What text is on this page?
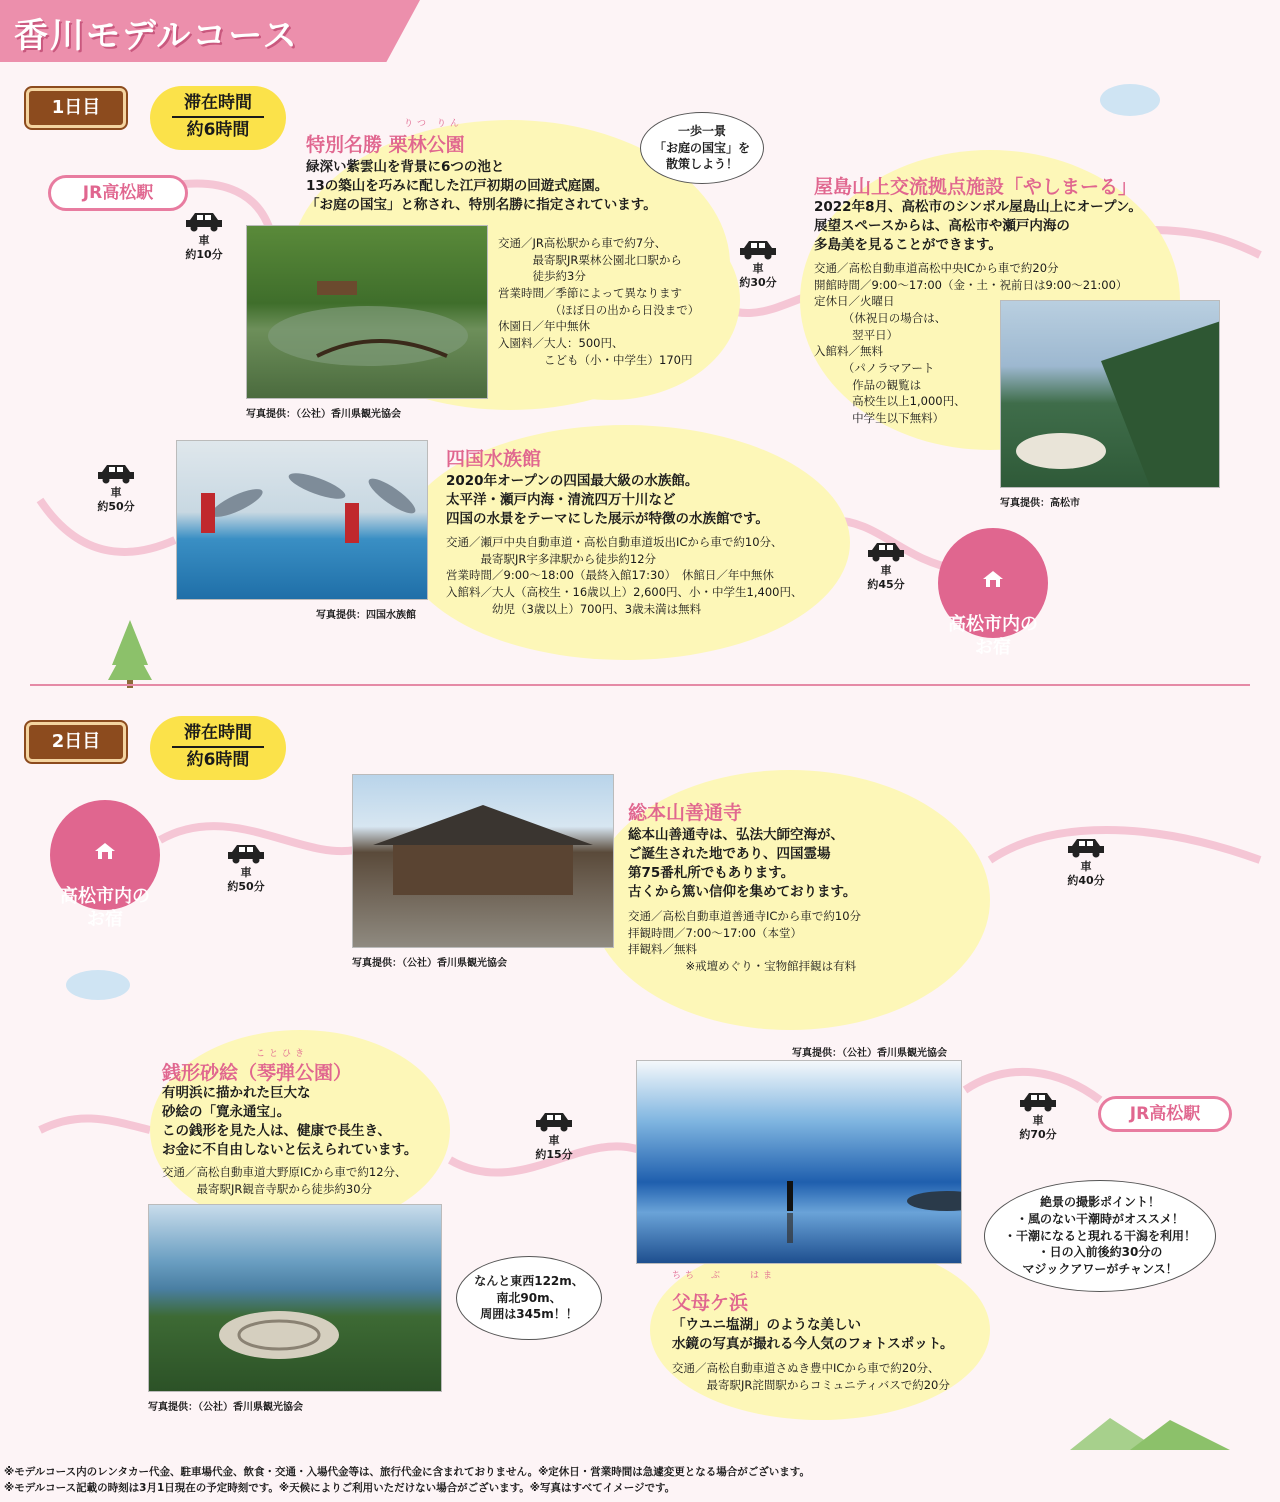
香川モデルコース
1日目	滞在時間
約6時間
JR高松駅
車
約10分
りつ りん
特別名勝 栗林公園
緑深い紫雲山を背景に6つの池と
13の築山を巧みに配した江戸初期の回遊式庭園。
「お庭の国宝」と称され、特別名勝に指定されています。
写真提供：（公社）香川県観光協会
交通／JR高松駅から車で約7分、
　　　最寄駅JR栗林公園北口駅から
　　　徒歩約3分
営業時間／季節によって異なります
　　　　　（ほぼ日の出から日没まで）
休園日／年中無休
入園料／大人：500円、
　　　　こども（小・中学生）170円
一歩一景
「お庭の国宝」を
散策しよう！
車
約30分
屋島山上交流拠点施設「やしまーる」
2022年8月、高松市のシンボル屋島山上にオープン。
展望スペースからは、高松市や瀬戸内海の
多島美を見ることができます。
交通／高松自動車道高松中央ICから車で約20分
開館時間／9:00〜17:00（金・土・祝前日は9:00〜21:00）
定休日／火曜日
　　　（休祝日の場合は、
　　　 翌平日）
入館料／無料
　　　（パノラマアート
　　　 作品の観覧は
　　　 高校生以上1,000円、
　　　 中学生以下無料）
写真提供：高松市
車
約50分
写真提供：四国水族館
四国水族館
2020年オープンの四国最大級の水族館。
太平洋・瀬戸内海・清流四万十川など
四国の水景をテーマにした展示が特徴の水族館です。
交通／瀬戸中央自動車道・高松自動車道坂出ICから車で約10分、
　　　最寄駅JR宇多津駅から徒歩約12分
営業時間／9:00〜18:00（最終入館17:30）　休館日／年中無休
入館料／大人（高校生・16歳以上）2,600円、小・中学生1,400円、
　　　　幼児（3歳以上）700円、3歳未満は無料
車
約45分

高松市内の
お宿

2日目	滞在時間
約6時間

高松市内の
お宿

車
約50分
写真提供：（公社）香川県観光協会
総本山善通寺
総本山善通寺は、弘法大師空海が、
ご誕生された地であり、四国霊場
第75番札所でもあります。
古くから篤い信仰を集めております。
交通／高松自動車道善通寺ICから車で約10分
拝観時間／7:00〜17:00（本堂）
拝観料／無料
　　　　　※戒壇めぐり・宝物館拝観は有料
車
約40分
ことひき
銭形砂絵（琴弾公園）
有明浜に描かれた巨大な
砂絵の「寛永通宝」。
この銭形を見た人は、健康で長生き、
お金に不自由しないと伝えられています。
交通／高松自動車道大野原ICから車で約12分、
　　　最寄駅JR観音寺駅から徒歩約30分
写真提供：（公社）香川県観光協会
なんと東西122m、
南北90m、
周囲は345m！！
車
約15分
写真提供：（公社）香川県観光協会
ちち　ぶ　　はま
父母ケ浜
「ウユニ塩湖」のような美しい
水鏡の写真が撮れる今人気のフォトスポット。
交通／高松自動車道さぬき豊中ICから車で約20分、
　　　最寄駅JR詫間駅からコミュニティバスで約20分
絶景の撮影ポイント！
・風のない干潮時がオススメ！
・干潮になると現れる干潟を利用！
・日の入前後約30分の
マジックアワーがチャンス！
車
約70分
JR高松駅
※モデルコース内のレンタカー代金、駐車場代金、飲食・交通・入場代金等は、旅行代金に含まれておりません。※定休日・営業時間は急遽変更となる場合がございます。
※モデルコース記載の時刻は3月1日現在の予定時刻です。※天候によりご利用いただけない場合がございます。※写真はすべてイメージです。
